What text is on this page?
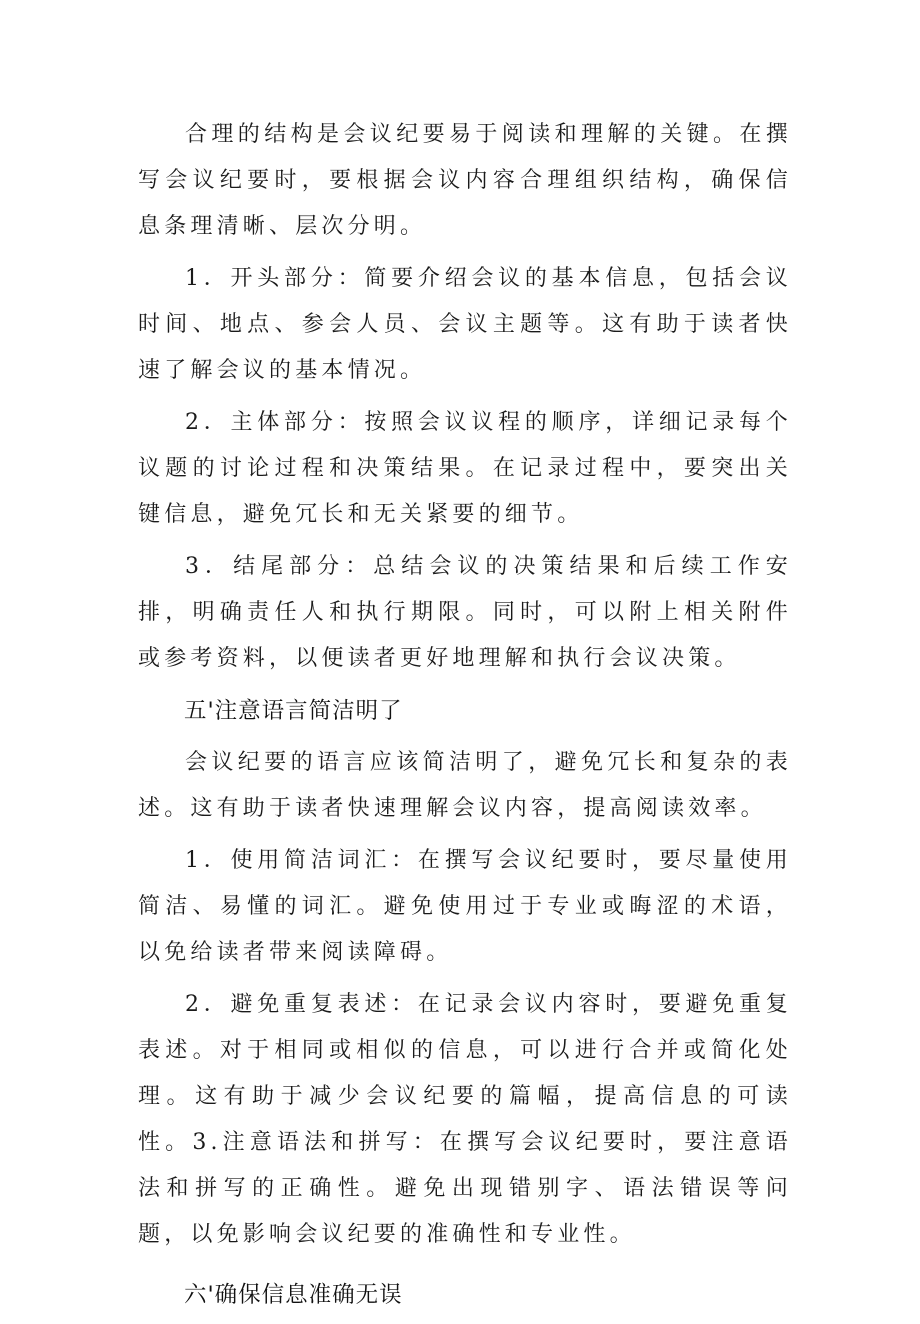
合理的结构是会议纪要易于阅读和理解的关键。在撰写会议纪要时，要根据会议内容合理组织结构，确保信息条理清晰、层次分明。

1．开头部分：简要介绍会议的基本信息，包括会议时间、地点、参会人员、会议主题等。这有助于读者快速了解会议的基本情况。

2．主体部分：按照会议议程的顺序，详细记录每个议题的讨论过程和决策结果。在记录过程中，要突出关键信息，避免冗长和无关紧要的细节。

3．结尾部分：总结会议的决策结果和后续工作安排，明确责任人和执行期限。同时，可以附上相关附件或参考资料，以便读者更好地理解和执行会议决策。

五'注意语言简洁明了

会议纪要的语言应该简洁明了，避免冗长和复杂的表述。这有助于读者快速理解会议内容，提高阅读效率。

1．使用简洁词汇：在撰写会议纪要时，要尽量使用简洁、易懂的词汇。避免使用过于专业或晦涩的术语，以免给读者带来阅读障碍。

2．避免重复表述：在记录会议内容时，要避免重复表述。对于相同或相似的信息，可以进行合并或简化处理。这有助于减少会议纪要的篇幅，提高信息的可读性。3.注意语法和拼写：在撰写会议纪要时，要注意语法和拼写的正确性。避免出现错别字、语法错误等问题，以免影响会议纪要的准确性和专业性。

六'确保信息准确无误
